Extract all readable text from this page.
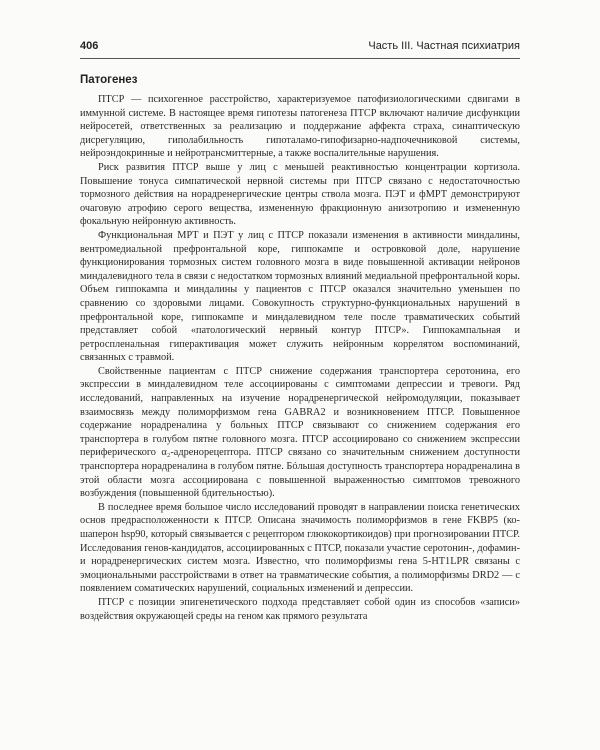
406	Часть III. Частная психиатрия
Патогенез

ПТСР — психогенное расстройство, характеризуемое патофизиологическими сдвигами в иммунной системе. В настоящее время гипотезы патогенеза ПТСР включают наличие дисфункции нейросетей, ответственных за реализацию и поддержание аффекта страха, синаптическую дисрегуляцию, гиполабильность гипоталамо-гипофизарно-надпочечниковой системы, нейроэндокринные и нейротрансмиттерные, а также воспалительные нарушения.

Риск развития ПТСР выше у лиц с меньшей реактивностью концентрации кортизола. Повышение тонуса симпатической нервной системы при ПТСР связано с недостаточностью тормозного действия на норадренергические центры ствола мозга. ПЭТ и фМРТ демонстрируют очаговую атрофию серого вещества, измененную фракционную анизотропию и измененную фокальную нейронную активность.

Функциональная МРТ и ПЭТ у лиц с ПТСР показали изменения в активности миндалины, вентромедиальной префронтальной коре, гиппокампе и островковой доле, нарушение функционирования тормозных систем головного мозга в виде повышенной активации нейронов миндалевидного тела в связи с недостатком тормозных влияний медиальной префронтальной коры. Объем гиппокампа и миндалины у пациентов с ПТСР оказался значительно уменьшен по сравнению со здоровыми лицами. Совокупность структурно-функциональных нарушений в префронтальной коре, гиппокампе и миндалевидном теле после травматических событий представляет собой «патологический нервный контур ПТСР». Гиппокампальная и ретроспленальная гиперактивация может служить нейронным коррелятом воспоминаний, связанных с травмой.

Свойственные пациентам с ПТСР снижение содержания транспортера серотонина, его экспрессии в миндалевидном теле ассоциированы с симптомами депрессии и тревоги. Ряд исследований, направленных на изучение норадренергической нейромодуляции, показывает взаимосвязь между полиморфизмом гена GABRA2 и возникновением ПТСР. Повышенное содержание норадреналина у больных ПТСР связывают со снижением содержания его транспортера в голубом пятне головного мозга. ПТСР ассоциировано со снижением экспрессии периферического α₂-адренорецептора. ПТСР связано со значительным снижением доступности транспортера норадреналина в голубом пятне. Бóльшая доступность транспортера норадреналина в этой области мозга ассоциирована с повышенной выраженностью симптомов тревожного возбуждения (повышенной бдительностью).

В последнее время большое число исследований проводят в направлении поиска генетических основ предрасположенности к ПТСР. Описана значимость полиморфизмов в гене FKBP5 (ко-шаперон hsp90, который связывается с рецептором глюкокортикоидов) при прогнозировании ПТСР. Исследования генов-кандидатов, ассоциированных с ПТСР, показали участие серотонин-, дофамин- и норадренергических систем мозга. Известно, что полиморфизмы гена 5-HT1LPR связаны с эмоциональными расстройствами в ответ на травматические события, а полиморфизмы DRD2 — с появлением соматических нарушений, социальных изменений и депрессии.

ПТСР с позиции эпигенетического подхода представляет собой один из способов «записи» воздействия окружающей среды на геном как прямого результата
